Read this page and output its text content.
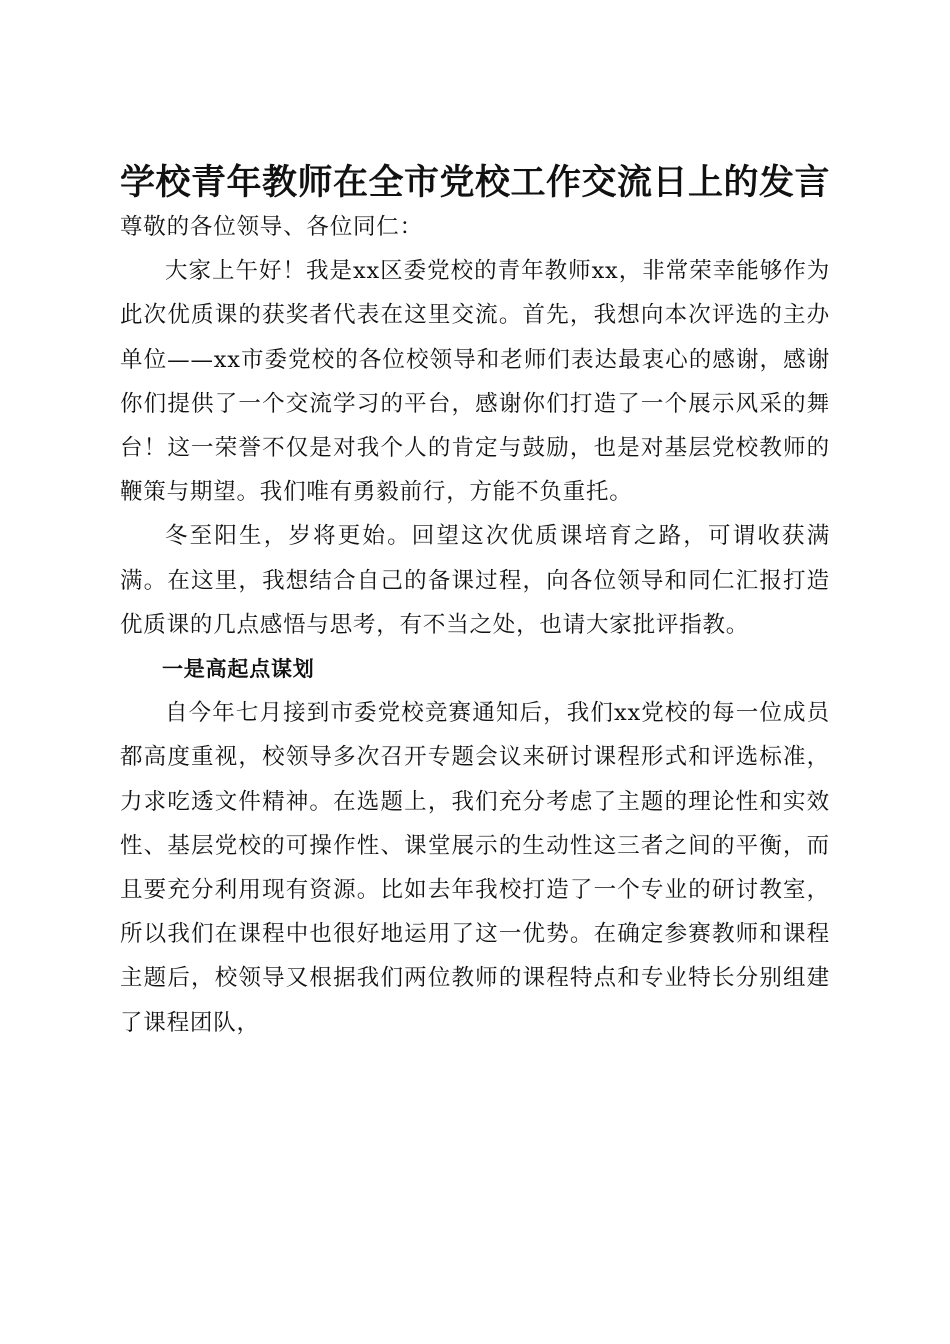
学校青年教师在全市党校工作交流日上的发言

尊敬的各位领导、各位同仁：

大家上午好！我是xx区委党校的青年教师xx，非常荣幸能够作为此次优质课的获奖者代表在这里交流。首先，我想向本次评选的主办单位——xx市委党校的各位校领导和老师们表达最衷心的感谢，感谢你们提供了一个交流学习的平台，感谢你们打造了一个展示风采的舞台！这一荣誉不仅是对我个人的肯定与鼓励，也是对基层党校教师的鞭策与期望。我们唯有勇毅前行，方能不负重托。

冬至阳生，岁将更始。回望这次优质课培育之路，可谓收获满满。在这里，我想结合自己的备课过程，向各位领导和同仁汇报打造优质课的几点感悟与思考，有不当之处，也请大家批评指教。

一是高起点谋划

自今年七月接到市委党校竞赛通知后，我们xx党校的每一位成员都高度重视，校领导多次召开专题会议来研讨课程形式和评选标准，力求吃透文件精神。在选题上，我们充分考虑了主题的理论性和实效性、基层党校的可操作性、课堂展示的生动性这三者之间的平衡，而且要充分利用现有资源。比如去年我校打造了一个专业的研讨教室，所以我们在课程中也很好地运用了这一优势。在确定参赛教师和课程主题后，校领导又根据我们两位教师的课程特点和专业特长分别组建了课程团队，
